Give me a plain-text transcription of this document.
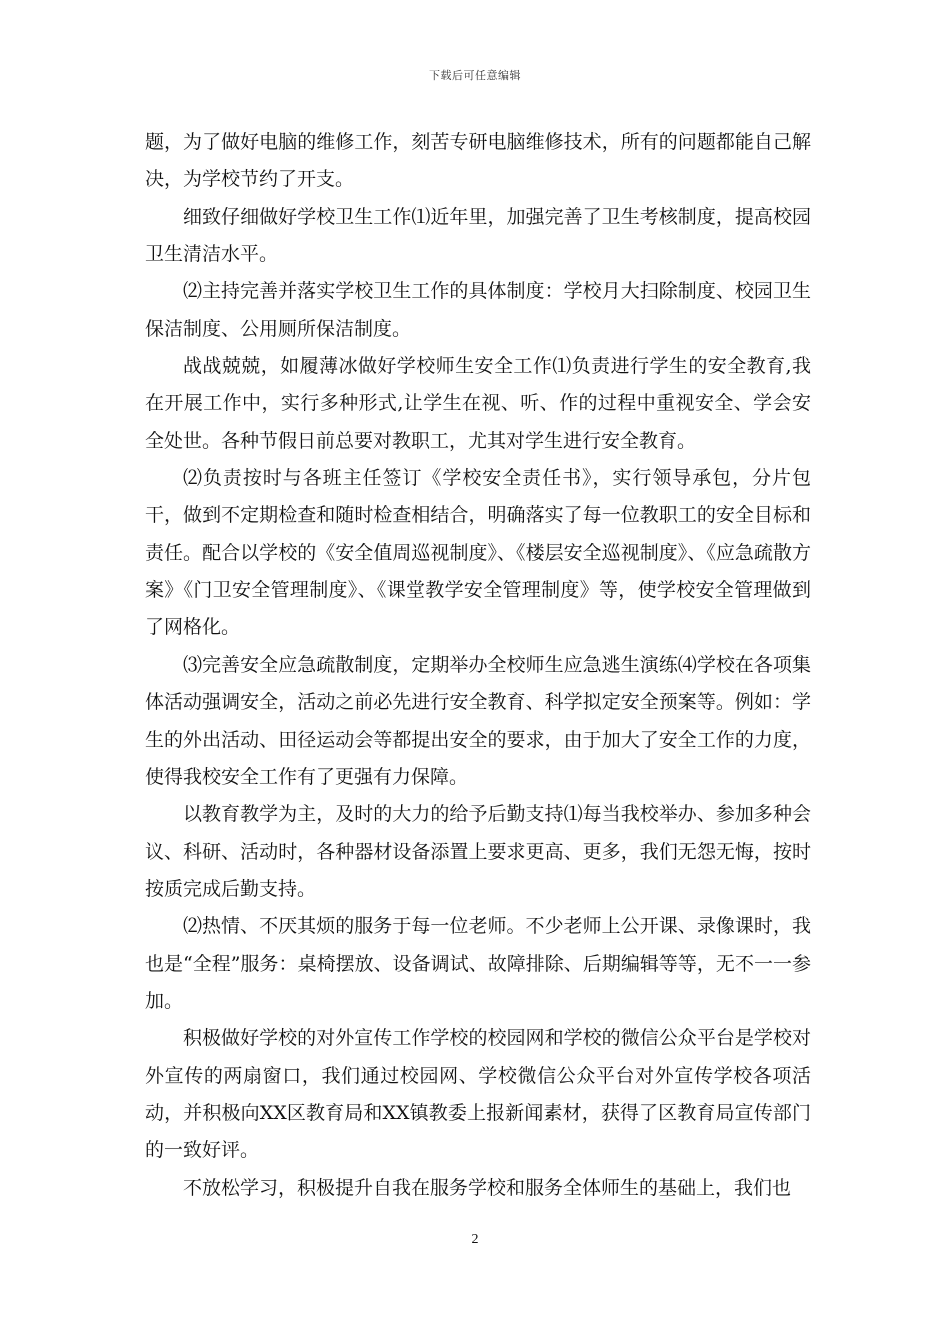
下载后可任意编辑

题，为了做好电脑的维修工作，刻苦专研电脑维修技术，所有的问题都能自己解决，为学校节约了开支。

细致仔细做好学校卫生工作⑴近年里，加强完善了卫生考核制度，提高校园卫生清洁水平。

⑵主持完善并落实学校卫生工作的具体制度：学校月大扫除制度、校园卫生保洁制度、公用厕所保洁制度。

战战兢兢，如履薄冰做好学校师生安全工作⑴负责进行学生的安全教育,我在开展工作中，实行多种形式,让学生在视、听、作的过程中重视安全、学会安全处世。各种节假日前总要对教职工，尤其对学生进行安全教育。

⑵负责按时与各班主任签订《学校安全责任书》，实行领导承包，分片包干，做到不定期检查和随时检查相结合，明确落实了每一位教职工的安全目标和责任。配合以学校的《安全值周巡视制度》、《楼层安全巡视制度》、《应急疏散方案》《门卫安全管理制度》、《课堂教学安全管理制度》等，使学校安全管理做到了网格化。

⑶完善安全应急疏散制度，定期举办全校师生应急逃生演练⑷学校在各项集体活动强调安全，活动之前必先进行安全教育、科学拟定安全预案等。例如：学生的外出活动、田径运动会等都提出安全的要求，由于加大了安全工作的力度，使得我校安全工作有了更强有力保障。

以教育教学为主，及时的大力的给予后勤支持⑴每当我校举办、参加多种会议、科研、活动时，各种器材设备添置上要求更高、更多，我们无怨无悔，按时按质完成后勤支持。

⑵热情、不厌其烦的服务于每一位老师。不少老师上公开课、录像课时，我也是“全程”服务：桌椅摆放、设备调试、故障排除、后期编辑等等，无不一一参加。

积极做好学校的对外宣传工作学校的校园网和学校的微信公众平台是学校对外宣传的两扇窗口，我们通过校园网、学校微信公众平台对外宣传学校各项活动，并积极向XX区教育局和XX镇教委上报新闻素材，获得了区教育局宣传部门的一致好评。

不放松学习，积极提升自我在服务学校和服务全体师生的基础上，我们也

2
